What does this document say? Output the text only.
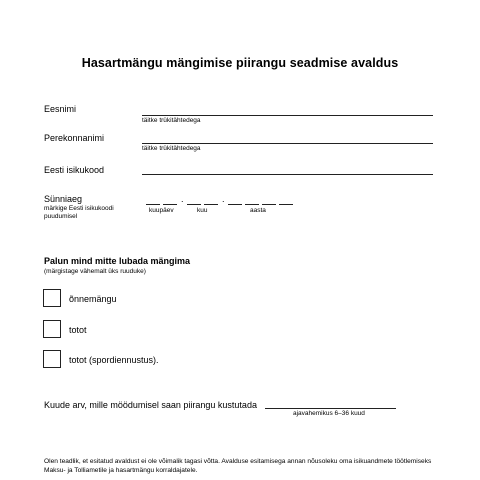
Hasartmängu mängimise piirangu seadmise avaldus
Eesnimi
täitke trükitähtedega
Perekonnanimi
täitke trükitähtedega
Eesti isikukood
Sünniaeg
märkige Eesti isikukoodi
puudumisel
.	.
kuupäev	kuu	aasta
Palun mind mitte lubada mängima
(märgistage vähemalt üks ruuduke)
õnnemängu
totot
totot (spordiennustus).
Kuude arv, mille möödumisel saan piirangu kustutada
ajavahemikus 6–36 kuud
Olen teadlik, et esitatud avaldust ei ole võimalik tagasi võtta. Avalduse esitamisega annan nõusoleku oma isikuandmete töötlemiseks Maksu- ja Tolliametile ja hasartmängu korraldajatele.
